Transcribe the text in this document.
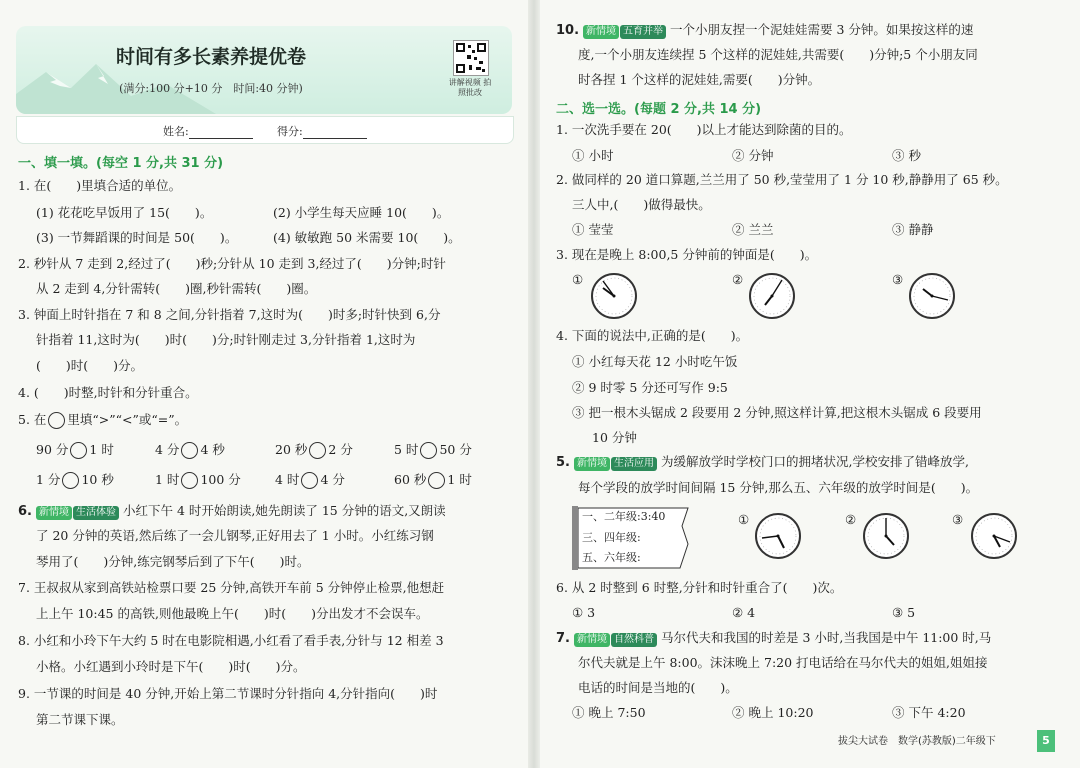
时间有多长素养提优卷
(满分:100 分+10 分　时间:40 分钟)	讲解视频 拍照批改
姓名:	得分:
一、填一填。(每空 1 分,共 31 分)
1. 在(　　)里填合适的单位。
(1) 花花吃早饭用了 15(　　)。	(2) 小学生每天应睡 10(　　)。
(3) 一节舞蹈课的时间是 50(　　)。	(4) 敏敏跑 50 米需要 10(　　)。
2. 秒针从 7 走到 2,经过了(　　)秒;分针从 10 走到 3,经过了(　　)分钟;时针
从 2 走到 4,分针需转(　　)圈,秒针需转(　　)圈。
3. 钟面上时针指在 7 和 8 之间,分针指着 7,这时为(　　)时多;时针快到 6,分
针指着 11,这时为(　　)时(　　)分;时针刚走过 3,分针指着 1,这时为
(　　)时(　　)分。
4. (　　)时整,时针和分针重合。
5. 在 里填“>”“<”或“=”。
90 分 1 时	4 分 4 秒	20 秒 2 分	5 时 50 分
1 分 10 秒	1 时 100 分	4 时 4 分	60 秒 1 时
6. 新情境 生活体验 小红下午 4 时开始朗读,她先朗读了 15 分钟的语文,又朗读
了 20 分钟的英语,然后练了一会儿钢琴,正好用去了 1 小时。小红练习钢
琴用了(　　)分钟,练完钢琴后到了下午(　　)时。
7. 王叔叔从家到高铁站检票口要 25 分钟,高铁开车前 5 分钟停止检票,他想赶
上上午 10:45 的高铁,则他最晚上午(　　)时(　　)分出发才不会误车。
8. 小红和小玲下午大约 5 时在电影院相遇,小红看了看手表,分针与 12 相差 3
小格。小红遇到小玲时是下午(　　)时(　　)分。
9. 一节课的时间是 40 分钟,开始上第二节课时分针指向 4,分针指向(　　)时
第二节课下课。
10. 新情境 五育并举 一个小朋友捏一个泥娃娃需要 3 分钟。如果按这样的速
度,一个小朋友连续捏 5 个这样的泥娃娃,共需要(　　)分钟;5 个小朋友同
时各捏 1 个这样的泥娃娃,需要(　　)分钟。
二、选一选。(每题 2 分,共 14 分)
1. 一次洗手要在 20(　　)以上才能达到除菌的目的。
① 小时	② 分钟	③ 秒
2. 做同样的 20 道口算题,兰兰用了 50 秒,莹莹用了 1 分 10 秒,静静用了 65 秒。
三人中,(　　)做得最快。
① 莹莹	② 兰兰	③ 静静
3. 现在是晚上 8:00,5 分钟前的钟面是(　　)。
①	②	③
4. 下面的说法中,正确的是(　　)。
① 小红每天花 12 小时吃午饭
② 9 时零 5 分还可写作 9:5
③ 把一根木头锯成 2 段要用 2 分钟,照这样计算,把这根木头锯成 6 段要用
10 分钟
5. 新情境 生活应用 为缓解放学时学校门口的拥堵状况,学校安排了错峰放学,
每个学段的放学时间间隔 15 分钟,那么五、六年级的放学时间是(　　)。
一、二年级:3:40
三、四年级:
五、六年级:
①	②	③
6. 从 2 时整到 6 时整,分针和时针重合了(　　)次。
① 3	② 4	③ 5
7. 新情境 自然科普 马尔代夫和我国的时差是 3 小时,当我国是中午 11:00 时,马
尔代夫就是上午 8:00。沫沫晚上 7:20 打电话给在马尔代夫的姐姐,姐姐接
电话的时间是当地的(　　)。
① 晚上 7:50	② 晚上 10:20	③ 下午 4:20
拔尖大试卷　数学(苏教版)二年级下	5
